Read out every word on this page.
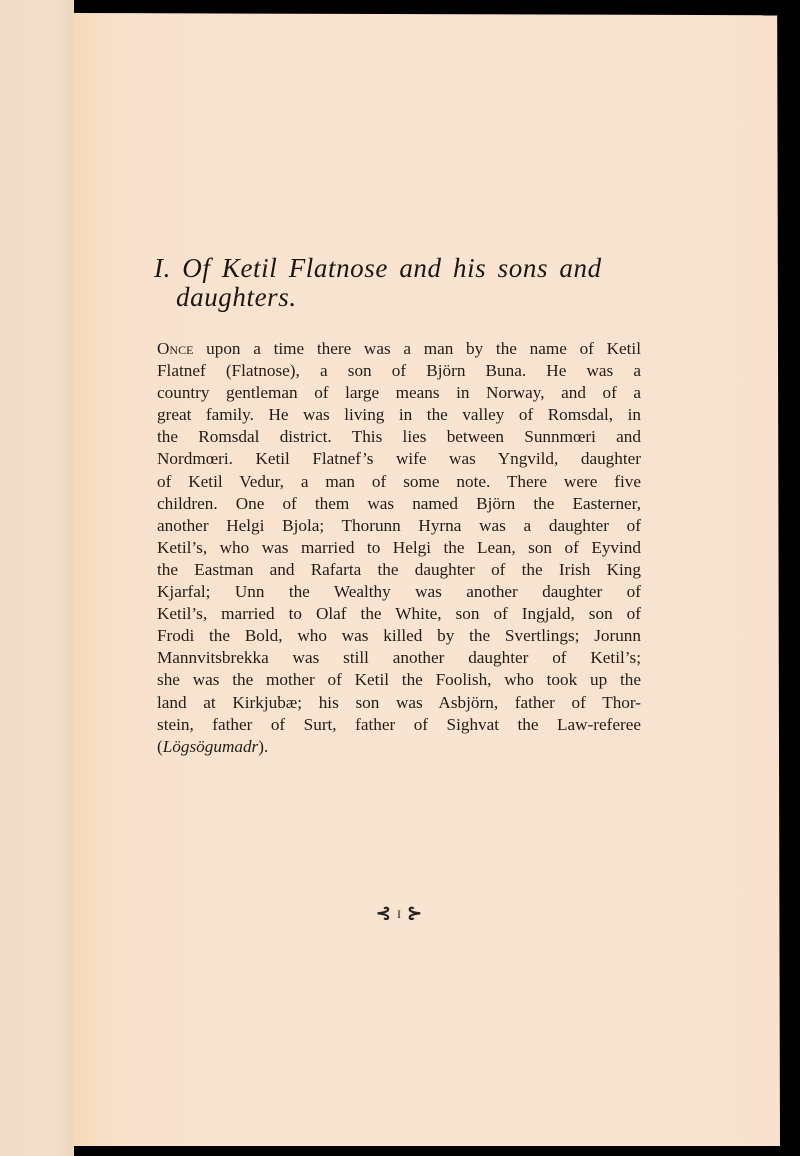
I. Of Ketil Flatnose and his sons and
daughters.

Once upon a time there was a man by the name of Ketil
Flatnef (Flatnose), a son of Björn Buna. He was a
country gentleman of large means in Norway, and of a
great family. He was living in the valley of Romsdal, in
the Romsdal district. This lies between Sunnmœri and
Nordmœri. Ketil Flatnef’s wife was Yngvild, daughter
of Ketil Vedur, a man of some note. There were five
children. One of them was named Björn the Easterner,
another Helgi Bjola; Thorunn Hyrna was a daughter of
Ketil’s, who was married to Helgi the Lean, son of Eyvind
the Eastman and Rafarta the daughter of the Irish King
Kjarfal; Unn the Wealthy was another daughter of
Ketil’s, married to Olaf the White, son of Ingjald, son of
Frodi the Bold, who was killed by the Svertlings; Jorunn
Mannvitsbrekka was still another daughter of Ketil’s;
she was the mother of Ketil the Foolish, who took up the
land at Kirkjubæ; his son was Asbjörn, father of Thor-
stein, father of Surt, father of Sighvat the Law-referee
(Lögsögumadr).

⊰ I ⊱
